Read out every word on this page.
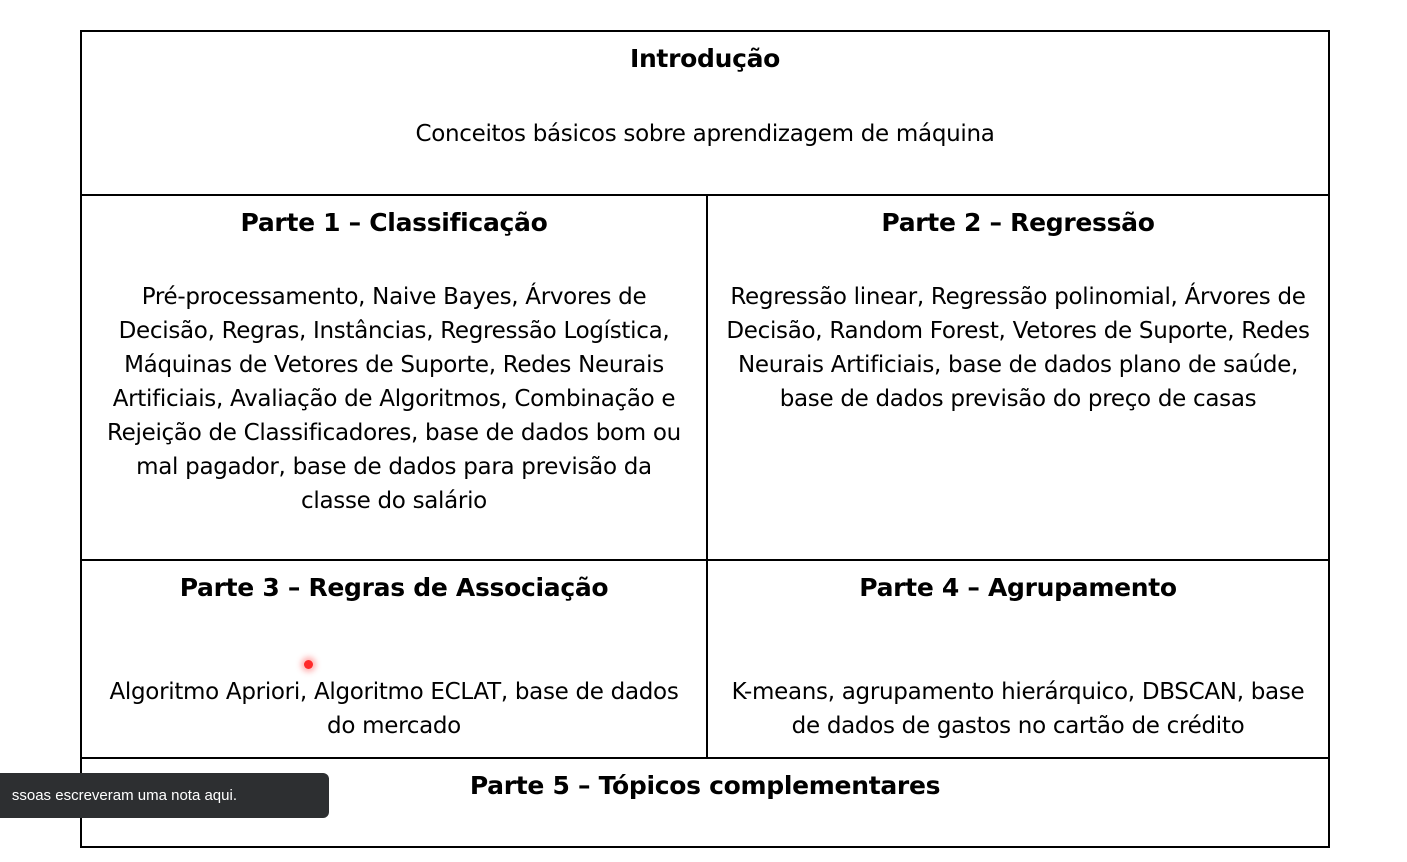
Introdução
Conceitos básicos sobre aprendizagem de máquina
Parte 1 – Classificação
Pré-processamento, Naive Bayes, Árvores de Decisão, Regras, Instâncias, Regressão Logística, Máquinas de Vetores de Suporte, Redes Neurais Artificiais, Avaliação de Algoritmos, Combinação e Rejeição de Classificadores, base de dados bom ou mal pagador, base de dados para previsão da classe do salário
Parte 2 – Regressão
Regressão linear, Regressão polinomial, Árvores de Decisão, Random Forest, Vetores de Suporte, Redes Neurais Artificiais, base de dados plano de saúde, base de dados previsão do preço de casas
Parte 3 – Regras de Associação
Algoritmo Apriori, Algoritmo ECLAT, base de dados do mercado
Parte 4 – Agrupamento
K-means, agrupamento hierárquico, DBSCAN, base de dados de gastos no cartão de crédito
Parte 5 – Tópicos complementares
ssoas escreveram uma nota aqui.
